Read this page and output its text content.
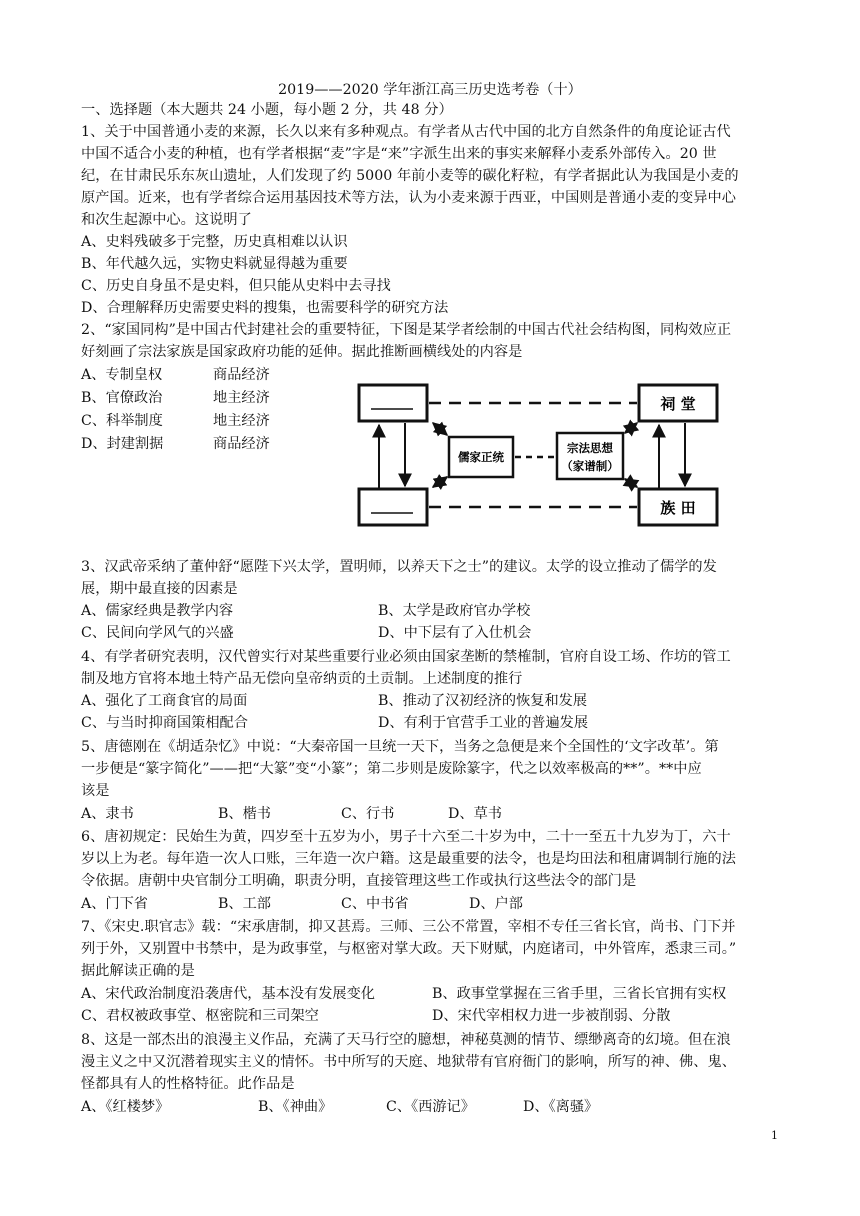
2019——2020 学年浙江高三历史选考卷（十）
一、选择题（本大题共 24 小题，每小题 2 分，共 48 分）
1、关于中国普通小麦的来源，长久以来有多种观点。有学者从古代中国的北方自然条件的角度论证古代
中国不适合小麦的种植，也有学者根据“麦”字是“来”字派生出来的事实来解释小麦系外部传入。20 世
纪，在甘肃民乐东灰山遗址，人们发现了约 5000 年前小麦等的碳化籽粒，有学者据此认为我国是小麦的
原产国。近来，也有学者综合运用基因技术等方法，认为小麦来源于西亚，中国则是普通小麦的变异中心
和次生起源中心。这说明了
A、史料残破多于完整，历史真相难以认识
B、年代越久远，实物史料就显得越为重要
C、历史自身虽不是史料，但只能从史料中去寻找
D、合理解释历史需要史料的搜集，也需要科学的研究方法
2、“家国同构”是中国古代封建社会的重要特征，下图是某学者绘制的中国古代社会结构图，同构效应正
好刻画了宗法家族是国家政府功能的延伸。据此推断画横线处的内容是
A、专制皇权	商品经济
B、官僚政治	地主经济
C、科举制度	地主经济
D、封建割据	商品经济
祠 堂
族 田
儒家正统
宗法思想
（家谱制）
3、汉武帝采纳了董仲舒“愿陛下兴太学，置明师，以养天下之士”的建议。太学的设立推动了儒学的发
展，期中最直接的因素是
A、儒家经典是教学内容	B、太学是政府官办学校
C、民间向学风气的兴盛	D、中下层有了入仕机会
4、有学者研究表明，汉代曾实行对某些重要行业必须由国家垄断的禁榷制，官府自设工场、作坊的管工
制及地方官将本地土特产品无偿向皇帝纳贡的土贡制。上述制度的推行
A、强化了工商食官的局面	B、推动了汉初经济的恢复和发展
C、与当时抑商国策相配合	D、有利于官营手工业的普遍发展
5、唐德刚在《胡适杂忆》中说：“大秦帝国一旦统一天下，当务之急便是来个全国性的‘文字改革’。第
一步便是“篆字简化”——把“大篆”变“小篆”；第二步则是废除篆字，代之以效率极高的**”。**中应
该是
A、隶书	B、楷书	C、行书	D、草书
6、唐初规定：民始生为黄，四岁至十五岁为小，男子十六至二十岁为中，二十一至五十九岁为丁，六十
岁以上为老。每年造一次人口账，三年造一次户籍。这是最重要的法令，也是均田法和租庸调制行施的法
令依据。唐朝中央官制分工明确，职责分明，直接管理这些工作或执行这些法令的部门是
A、门下省	B、工部	C、中书省	D、户部
7、《宋史.职官志》载：“宋承唐制，抑又甚焉。三师、三公不常置，宰相不专任三省长官，尚书、门下并
列于外，又别置中书禁中，是为政事堂，与枢密对掌大政。天下财赋，内庭诸司，中外管库，悉隶三司。”
据此解读正确的是
A、宋代政治制度沿袭唐代，基本没有发展变化	B、政事堂掌握在三省手里，三省长官拥有实权
C、君权被政事堂、枢密院和三司架空	D、宋代宰相权力进一步被削弱、分散
8、这是一部杰出的浪漫主义作品，充满了天马行空的臆想，神秘莫测的情节、缥缈离奇的幻境。但在浪
漫主义之中又沉潜着现实主义的情怀。书中所写的天庭、地狱带有官府衙门的影响，所写的神、佛、鬼、
怪都具有人的性格特征。此作品是
A、《红楼梦》	B、《神曲》	C、《西游记》	D、《离骚》
1
